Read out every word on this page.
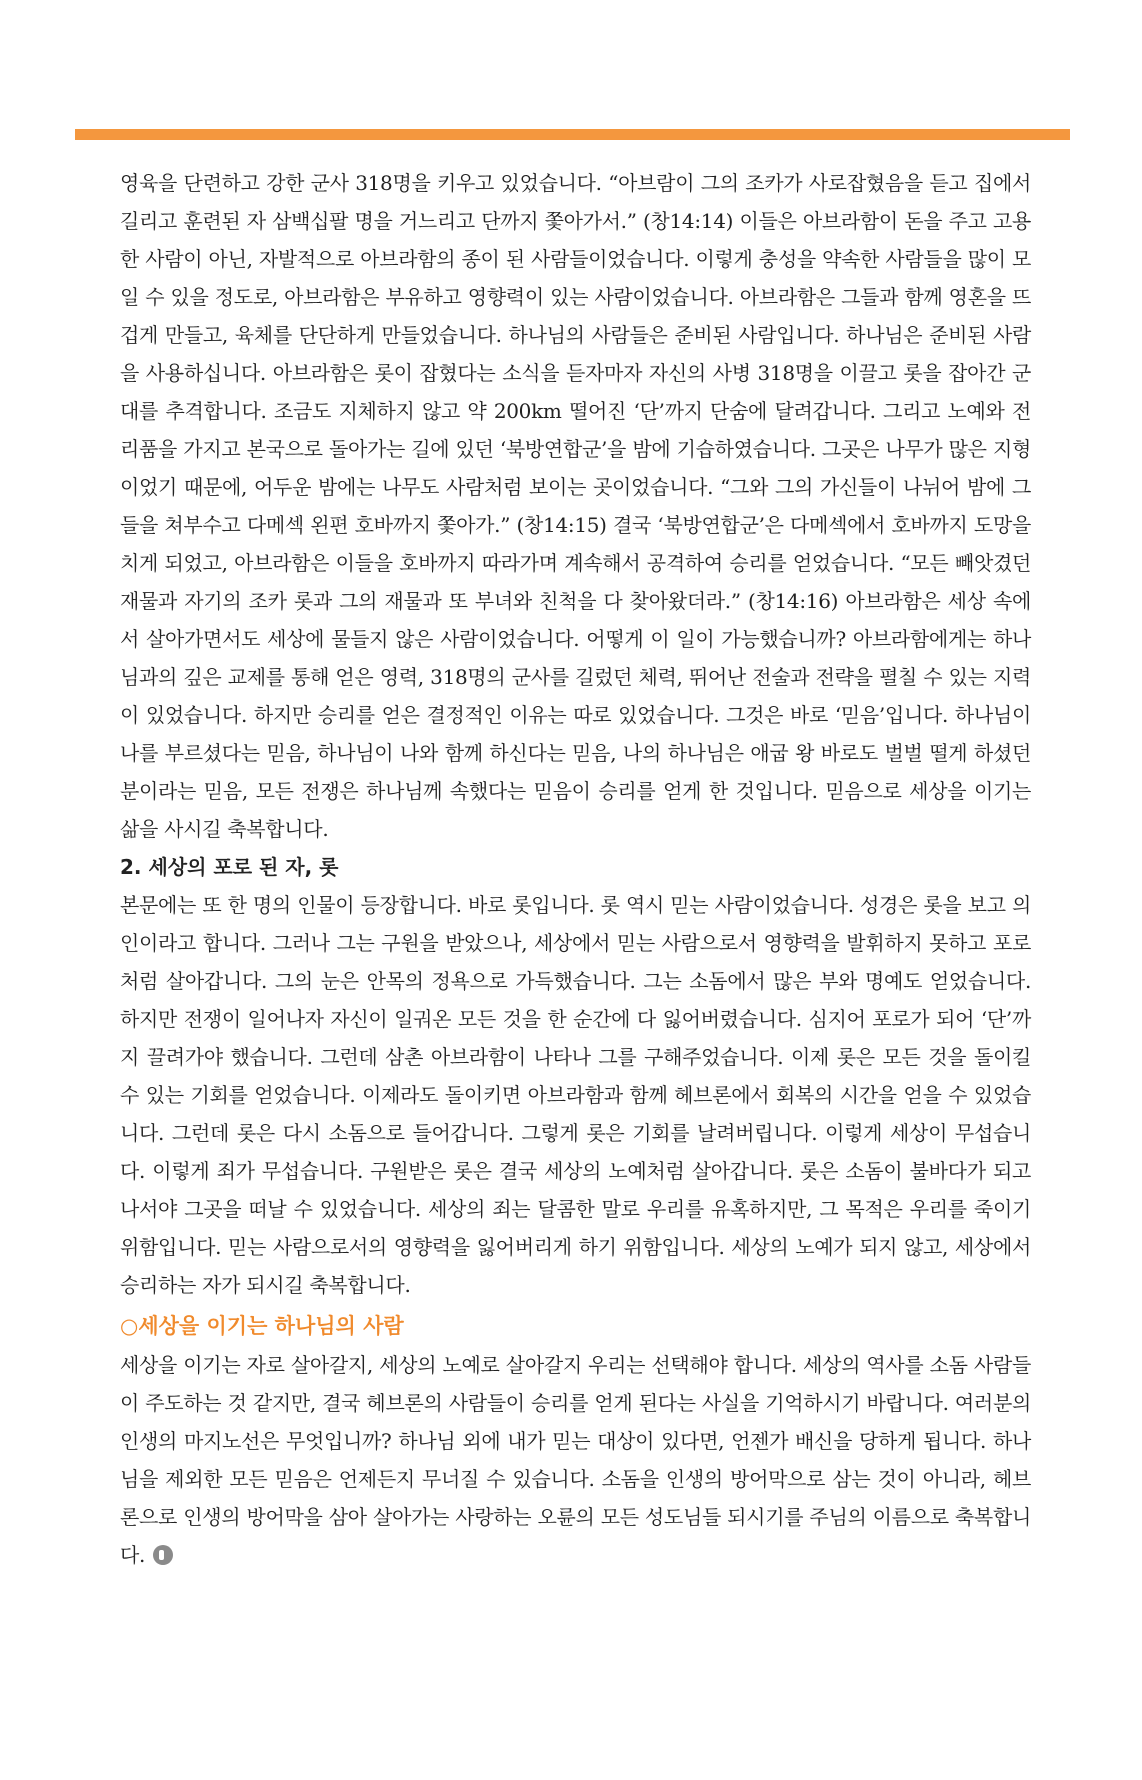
영육을 단련하고 강한 군사 318명을 키우고 있었습니다. “아브람이 그의 조카가 사로잡혔음을 듣고 집에서 길리고 훈련된 자 삼백십팔 명을 거느리고 단까지 쫓아가서.” (창14:14) 이들은 아브라함이 돈을 주고 고용한 사람이 아닌, 자발적으로 아브라함의 종이 된 사람들이었습니다. 이렇게 충성을 약속한 사람들을 많이 모일 수 있을 정도로, 아브라함은 부유하고 영향력이 있는 사람이었습니다. 아브라함은 그들과 함께 영혼을 뜨겁게 만들고, 육체를 단단하게 만들었습니다. 하나님의 사람들은 준비된 사람입니다. 하나님은 준비된 사람을 사용하십니다. 아브라함은 롯이 잡혔다는 소식을 듣자마자 자신의 사병 318명을 이끌고 롯을 잡아간 군대를 추격합니다. 조금도 지체하지 않고 약 200km 떨어진 ‘단’까지 단숨에 달려갑니다. 그리고 노예와 전리품을 가지고 본국으로 돌아가는 길에 있던 ‘북방연합군’을 밤에 기습하였습니다. 그곳은 나무가 많은 지형이었기 때문에, 어두운 밤에는 나무도 사람처럼 보이는 곳이었습니다. “그와 그의 가신들이 나뉘어 밤에 그들을 쳐부수고 다메섹 왼편 호바까지 쫓아가.” (창14:15) 결국 ‘북방연합군’은 다메섹에서 호바까지 도망을 치게 되었고, 아브라함은 이들을 호바까지 따라가며 계속해서 공격하여 승리를 얻었습니다. “모든 빼앗겼던 재물과 자기의 조카 롯과 그의 재물과 또 부녀와 친척을 다 찾아왔더라.” (창14:16) 아브라함은 세상 속에서 살아가면서도 세상에 물들지 않은 사람이었습니다. 어떻게 이 일이 가능했습니까? 아브라함에게는 하나님과의 깊은 교제를 통해 얻은 영력, 318명의 군사를 길렀던 체력, 뛰어난 전술과 전략을 펼칠 수 있는 지력이 있었습니다. 하지만 승리를 얻은 결정적인 이유는 따로 있었습니다. 그것은 바로 ‘믿음’입니다. 하나님이 나를 부르셨다는 믿음, 하나님이 나와 함께 하신다는 믿음, 나의 하나님은 애굽 왕 바로도 벌벌 떨게 하셨던 분이라는 믿음, 모든 전쟁은 하나님께 속했다는 믿음이 승리를 얻게 한 것입니다. 믿음으로 세상을 이기는 삶을 사시길 축복합니다.

2. 세상의 포로 된 자, 롯

본문에는 또 한 명의 인물이 등장합니다. 바로 롯입니다. 롯 역시 믿는 사람이었습니다. 성경은 롯을 보고 의인이라고 합니다. 그러나 그는 구원을 받았으나, 세상에서 믿는 사람으로서 영향력을 발휘하지 못하고 포로처럼 살아갑니다. 그의 눈은 안목의 정욕으로 가득했습니다. 그는 소돔에서 많은 부와 명예도 얻었습니다. 하지만 전쟁이 일어나자 자신이 일궈온 모든 것을 한 순간에 다 잃어버렸습니다. 심지어 포로가 되어 ‘단’까지 끌려가야 했습니다. 그런데 삼촌 아브라함이 나타나 그를 구해주었습니다. 이제 롯은 모든 것을 돌이킬 수 있는 기회를 얻었습니다. 이제라도 돌이키면 아브라함과 함께 헤브론에서 회복의 시간을 얻을 수 있었습니다. 그런데 롯은 다시 소돔으로 들어갑니다. 그렇게 롯은 기회를 날려버립니다. 이렇게 세상이 무섭습니다. 이렇게 죄가 무섭습니다. 구원받은 롯은 결국 세상의 노예처럼 살아갑니다. 롯은 소돔이 불바다가 되고 나서야 그곳을 떠날 수 있었습니다. 세상의 죄는 달콤한 말로 우리를 유혹하지만, 그 목적은 우리를 죽이기 위함입니다. 믿는 사람으로서의 영향력을 잃어버리게 하기 위함입니다. 세상의 노예가 되지 않고, 세상에서 승리하는 자가 되시길 축복합니다.

○세상을 이기는 하나님의 사람

세상을 이기는 자로 살아갈지, 세상의 노예로 살아갈지 우리는 선택해야 합니다. 세상의 역사를 소돔 사람들이 주도하는 것 같지만, 결국 헤브론의 사람들이 승리를 얻게 된다는 사실을 기억하시기 바랍니다. 여러분의 인생의 마지노선은 무엇입니까? 하나님 외에 내가 믿는 대상이 있다면, 언젠가 배신을 당하게 됩니다. 하나님을 제외한 모든 믿음은 언제든지 무너질 수 있습니다. 소돔을 인생의 방어막으로 삼는 것이 아니라, 헤브론으로 인생의 방어막을 삼아 살아가는 사랑하는 오륜의 모든 성도님들 되시기를 주님의 이름으로 축복합니다.
